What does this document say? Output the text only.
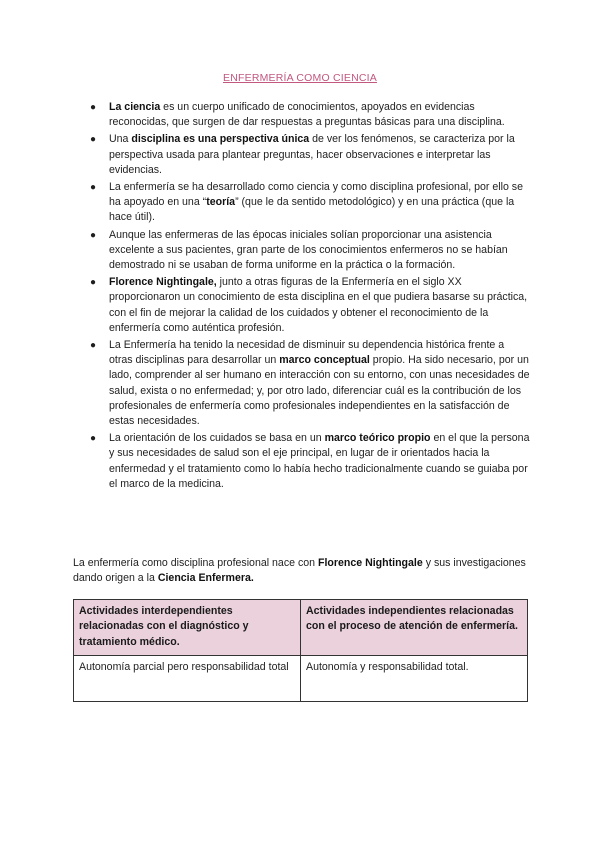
ENFERMERÍA COMO CIENCIA
●	La ciencia es un cuerpo unificado de conocimientos, apoyados en evidencias reconocidas, que surgen de dar respuestas a preguntas básicas para una disciplina.
●	Una disciplina es una perspectiva única de ver los fenómenos, se caracteriza por la perspectiva usada para plantear preguntas, hacer observaciones e interpretar las evidencias.
●	La enfermería se ha desarrollado como ciencia y como disciplina profesional, por ello se ha apoyado en una “teoría” (que le da sentido metodológico) y en una práctica (que la hace útil).
●	Aunque las enfermeras de las épocas iniciales solían proporcionar una asistencia excelente a sus pacientes, gran parte de los conocimientos enfermeros no se habían demostrado ni se usaban de forma uniforme en la práctica o la formación.
●	Florence Nightingale, junto a otras figuras de la Enfermería en el siglo XX proporcionaron un conocimiento de esta disciplina en el que pudiera basarse su práctica, con el fin de mejorar la calidad de los cuidados y obtener el reconocimiento de la enfermería como auténtica profesión.
●	La Enfermería ha tenido la necesidad de disminuir su dependencia histórica frente a otras disciplinas para desarrollar un marco conceptual propio. Ha sido necesario, por un lado, comprender al ser humano en interacción con su entorno, con unas necesidades de salud, exista o no enfermedad; y, por otro lado, diferenciar cuál es la contribución de los profesionales de enfermería como profesionales independientes en la satisfacción de estas necesidades.
●	La orientación de los cuidados se basa en un marco teórico propio en el que la persona y sus necesidades de salud son el eje principal, en lugar de ir orientados hacia la enfermedad y el tratamiento como lo había hecho tradicionalmente cuando se guiaba por el marco de la medicina.
La enfermería como disciplina profesional nace con Florence Nightingale y sus investigaciones dando origen a la Ciencia Enfermera.
Actividades interdependientes relacionadas con el diagnóstico y tratamiento médico.	Actividades independientes relacionadas con el proceso de atención de enfermería.
Autonomía parcial pero responsabilidad total	Autonomía y responsabilidad total.
